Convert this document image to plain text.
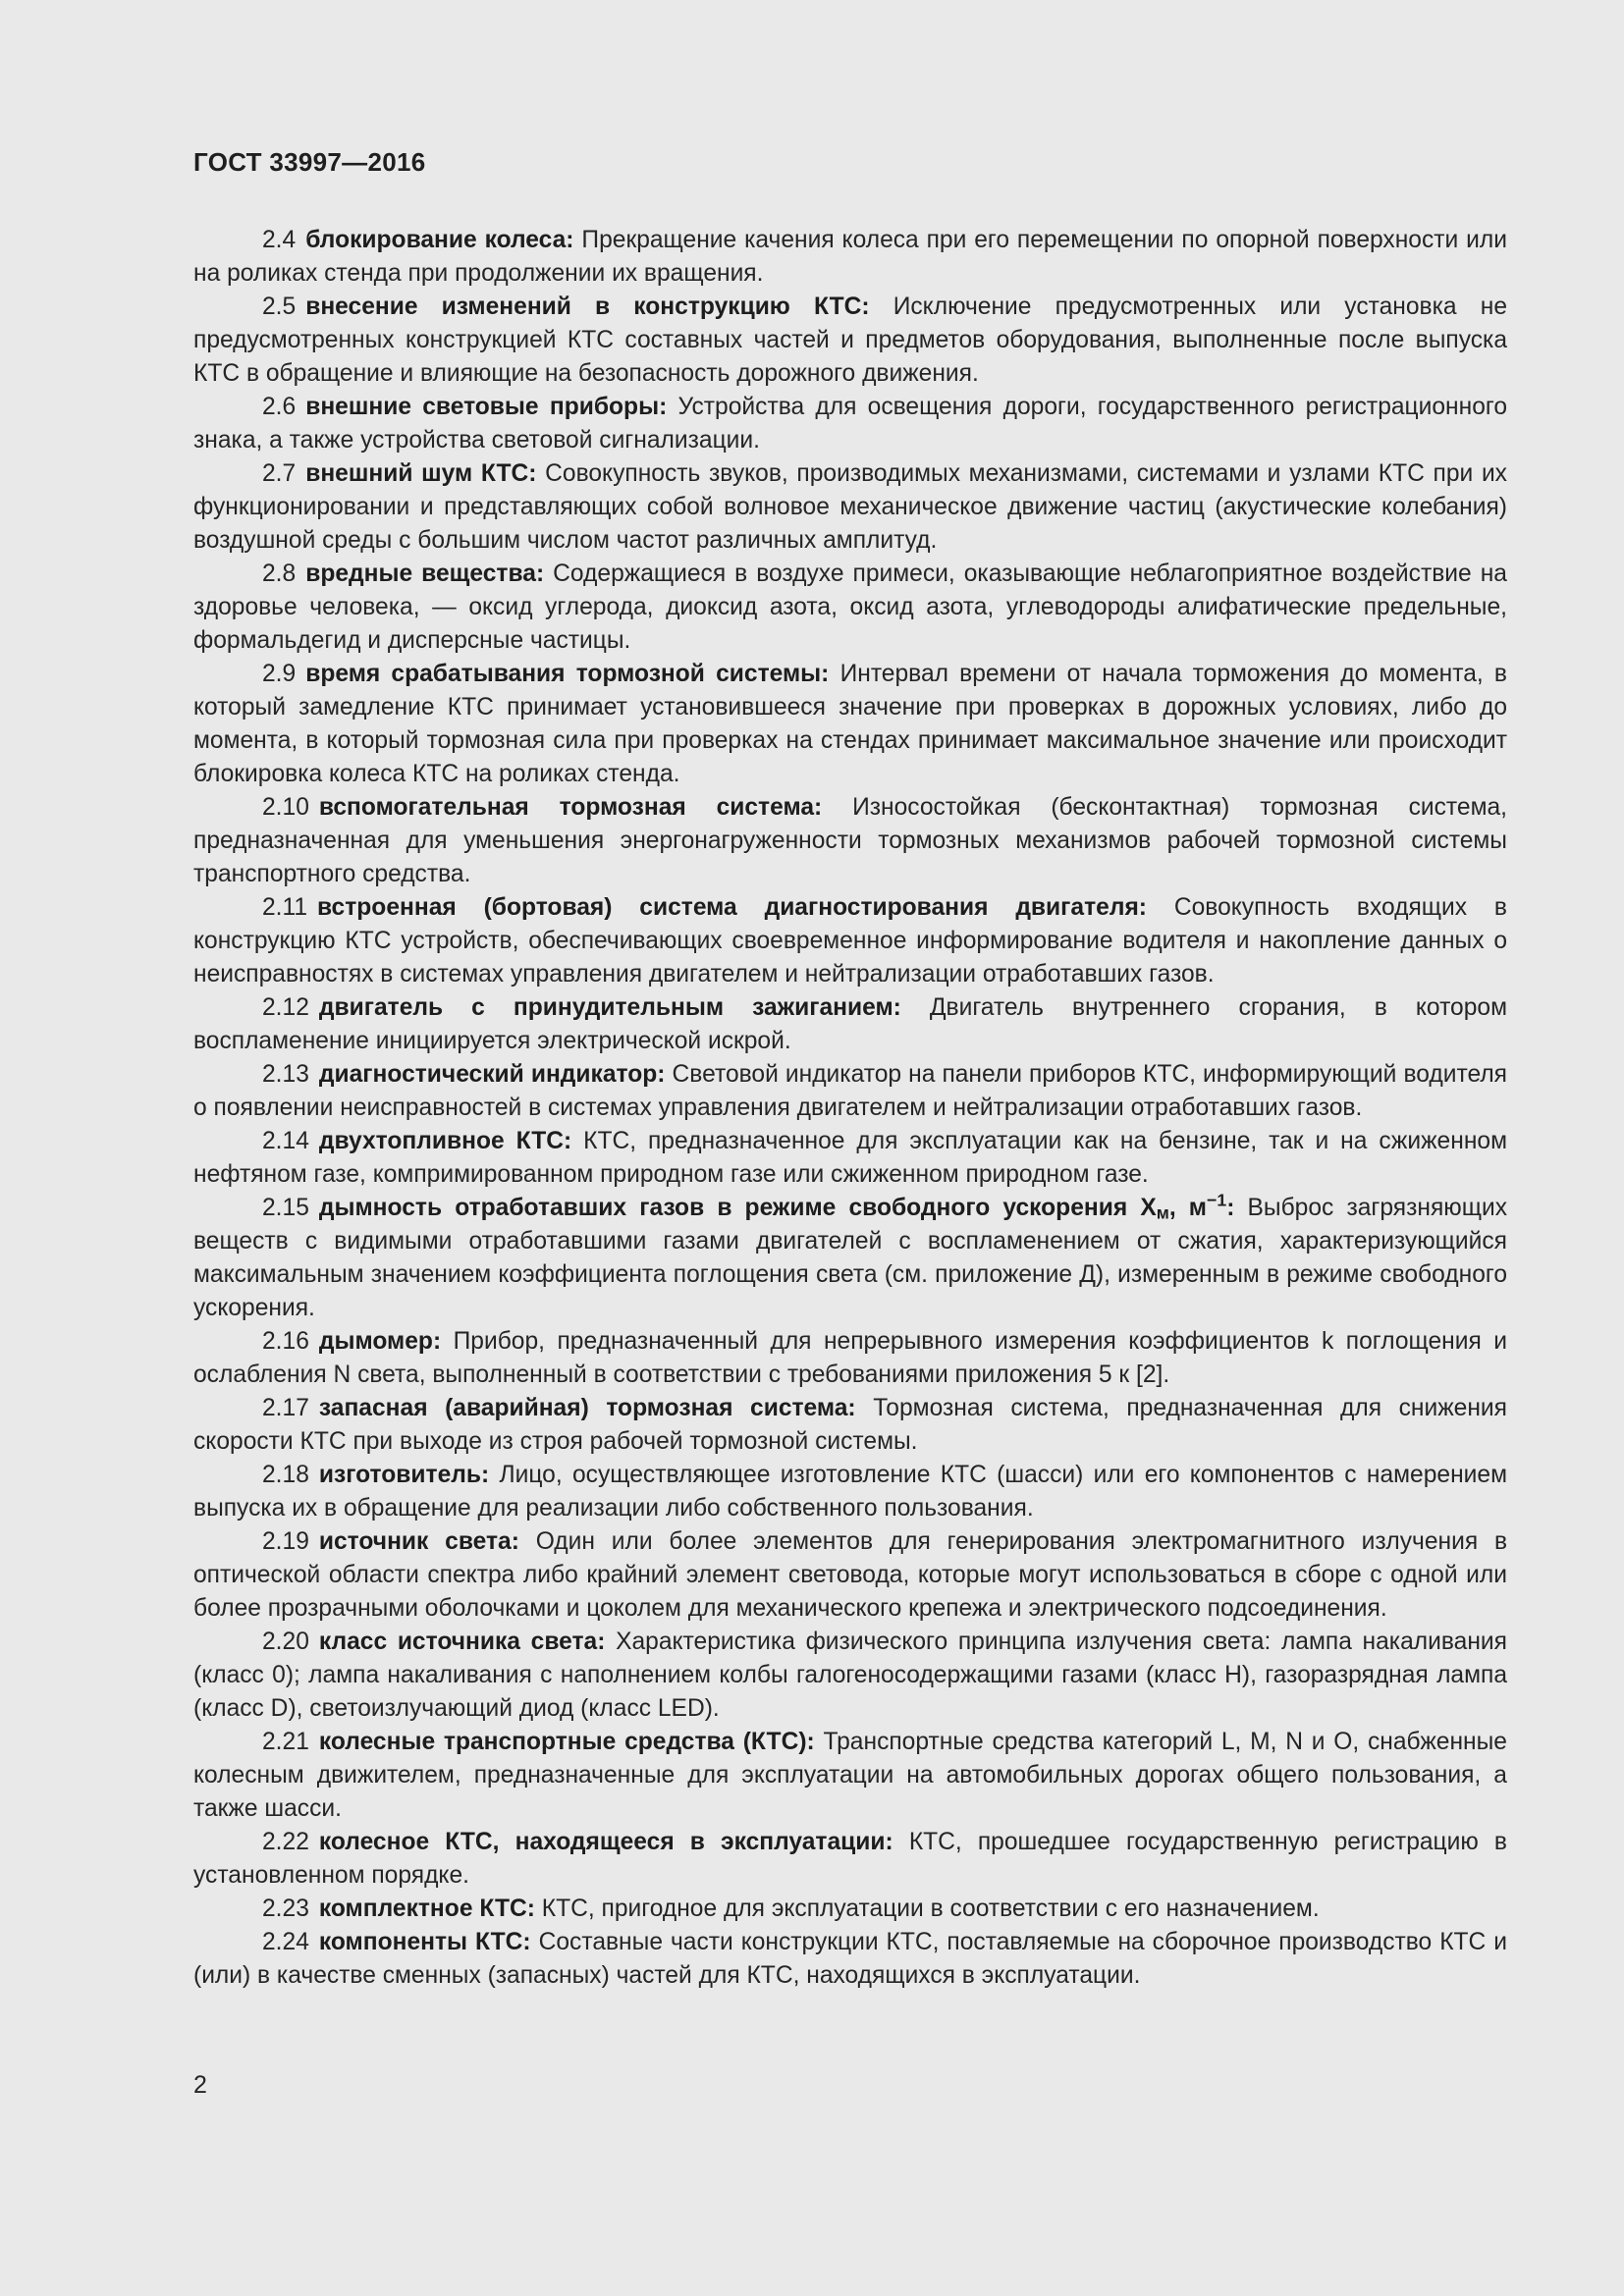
ГОСТ 33997—2016

2.4 блокирование колеса: Прекращение качения колеса при его перемещении по опорной поверхности или на роликах стенда при продолжении их вращения.

2.5 внесение изменений в конструкцию КТС: Исключение предусмотренных или установка не предусмотренных конструкцией КТС составных частей и предметов оборудования, выполненные после выпуска КТС в обращение и влияющие на безопасность дорожного движения.

2.6 внешние световые приборы: Устройства для освещения дороги, государственного регистрационного знака, а также устройства световой сигнализации.

2.7 внешний шум КТС: Совокупность звуков, производимых механизмами, системами и узлами КТС при их функционировании и представляющих собой волновое механическое движение частиц (акустические колебания) воздушной среды с большим числом частот различных амплитуд.

2.8 вредные вещества: Содержащиеся в воздухе примеси, оказывающие неблагоприятное воздействие на здоровье человека, — оксид углерода, диоксид азота, оксид азота, углеводороды алифатические предельные, формальдегид и дисперсные частицы.

2.9 время срабатывания тормозной системы: Интервал времени от начала торможения до момента, в который замедление КТС принимает установившееся значение при проверках в дорожных условиях, либо до момента, в который тормозная сила при проверках на стендах принимает максимальное значение или происходит блокировка колеса КТС на роликах стенда.

2.10 вспомогательная тормозная система: Износостойкая (бесконтактная) тормозная система, предназначенная для уменьшения энергонагруженности тормозных механизмов рабочей тормозной системы транспортного средства.

2.11 встроенная (бортовая) система диагностирования двигателя: Совокупность входящих в конструкцию КТС устройств, обеспечивающих своевременное информирование водителя и накопление данных о неисправностях в системах управления двигателем и нейтрализации отработавших газов.

2.12 двигатель с принудительным зажиганием: Двигатель внутреннего сгорания, в котором воспламенение инициируется электрической искрой.

2.13 диагностический индикатор: Световой индикатор на панели приборов КТС, информирующий водителя о появлении неисправностей в системах управления двигателем и нейтрализации отработавших газов.

2.14 двухтопливное КТС: КТС, предназначенное для эксплуатации как на бензине, так и на сжиженном нефтяном газе, компримированном природном газе или сжиженном природном газе.

2.15 дымность отработавших газов в режиме свободного ускорения $X_м$, $м^{-1}$: Выброс загрязняющих веществ с видимыми отработавшими газами двигателей с воспламенением от сжатия, характеризующийся максимальным значением коэффициента поглощения света (см. приложение Д), измеренным в режиме свободного ускорения.

2.16 дымомер: Прибор, предназначенный для непрерывного измерения коэффициентов k поглощения и ослабления N света, выполненный в соответствии с требованиями приложения 5 к [2].

2.17 запасная (аварийная) тормозная система: Тормозная система, предназначенная для снижения скорости КТС при выходе из строя рабочей тормозной системы.

2.18 изготовитель: Лицо, осуществляющее изготовление КТС (шасси) или его компонентов с намерением выпуска их в обращение для реализации либо собственного пользования.

2.19 источник света: Один или более элементов для генерирования электромагнитного излучения в оптической области спектра либо крайний элемент световода, которые могут использоваться в сборе с одной или более прозрачными оболочками и цоколем для механического крепежа и электрического подсоединения.

2.20 класс источника света: Характеристика физического принципа излучения света: лампа накаливания (класс 0); лампа накаливания с наполнением колбы галогеносодержащими газами (класс H), газоразрядная лампа (класс D), светоизлучающий диод (класс LED).

2.21 колесные транспортные средства (КТС): Транспортные средства категорий L, M, N и O, снабженные колесным движителем, предназначенные для эксплуатации на автомобильных дорогах общего пользования, а также шасси.

2.22 колесное КТС, находящееся в эксплуатации: КТС, прошедшее государственную регистрацию в установленном порядке.

2.23 комплектное КТС: КТС, пригодное для эксплуатации в соответствии с его назначением.

2.24 компоненты КТС: Составные части конструкции КТС, поставляемые на сборочное производство КТС и (или) в качестве сменных (запасных) частей для КТС, находящихся в эксплуатации.

2
